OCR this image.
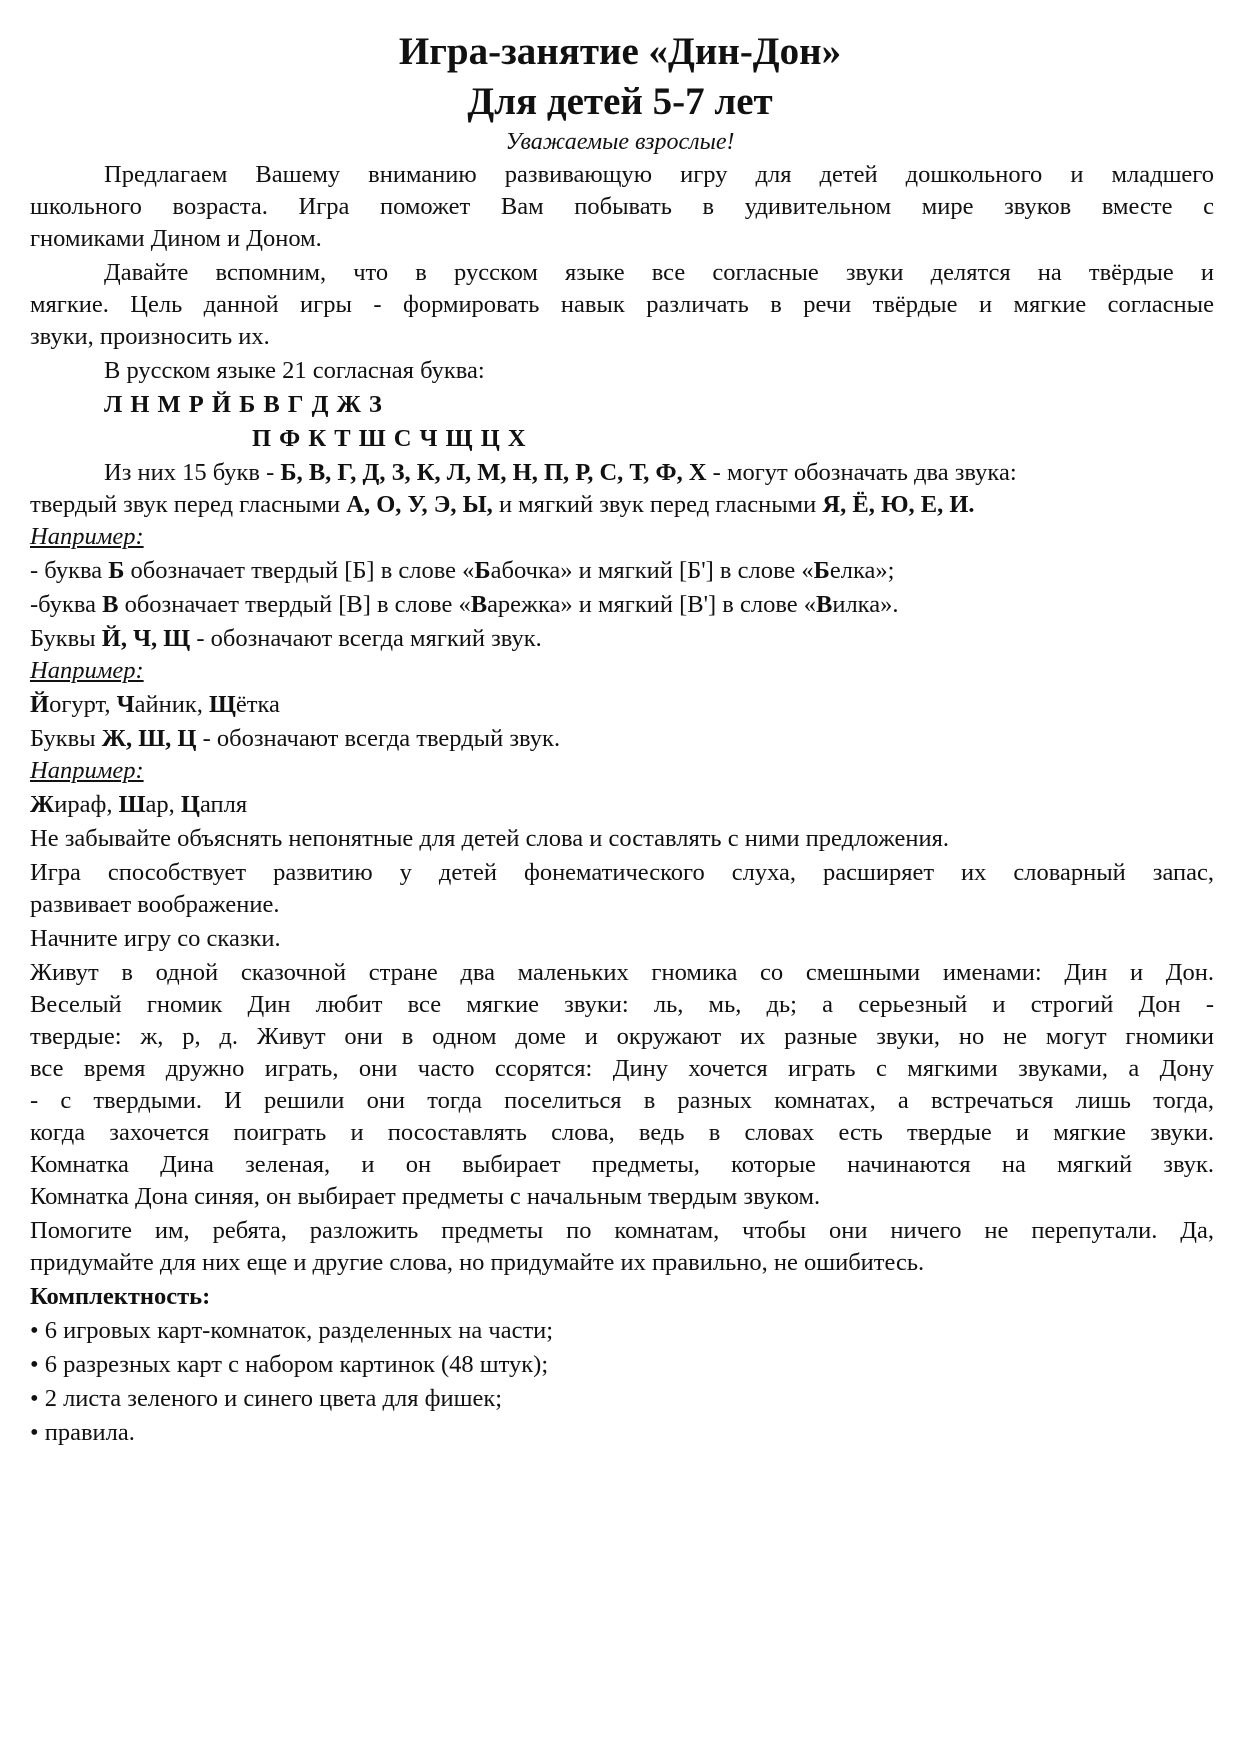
Игра-занятие «Дин-Дон»
Для детей 5-7 лет

Уважаемые взрослые!

Предлагаем Вашему вниманию развивающую игру для детей дошкольного и младшего

школьного возраста. Игра поможет Вам побывать в удивительном мире звуков вместе с

гномиками Дином и Доном.

Давайте вспомним, что в русском языке все согласные звуки делятся на твёрдые и

мягкие. Цель данной игры - формировать навык различать в речи твёрдые и мягкие согласные

звуки, произносить их.

В русском языке 21 согласная буква:

Л Н М Р Й Б В Г Д Ж З

П Ф К Т Ш С Ч Щ Ц Х

Из них 15 букв - Б, В, Г, Д, З, К, Л, М, Н, П, Р, С, Т, Ф, Х - могут обозначать два звука:

твердый звук перед гласными А, О, У, Э, Ы, и мягкий звук перед гласными Я, Ё, Ю, Е, И.

Например:

- буква Б обозначает твердый [Б] в слове «Бабочка» и мягкий [Б'] в слове «Белка»;

-буква В обозначает твердый [В] в слове «Варежка» и мягкий [В'] в слове «Вилка».

Буквы Й, Ч, Щ - обозначают всегда мягкий звук.

Например:

Йогурт, Чайник, Щётка

Буквы Ж, Ш, Ц - обозначают всегда твердый звук.

Например:

Жираф, Шар, Цапля

Не забывайте объяснять непонятные для детей слова и составлять с ними предложения.

Игра способствует развитию у детей фонематического слуха, расширяет их словарный запас,

развивает воображение.

Начните игру со сказки.

Живут в одной сказочной стране два маленьких гномика со смешными именами: Дин и Дон.

Веселый гномик Дин любит все мягкие звуки: ль, мь, дь; а серьезный и строгий Дон -

твердые: ж, р, д. Живут они в одном доме и окружают их разные звуки, но не могут гномики

все время дружно играть, они часто ссорятся: Дину хочется играть с мягкими звуками, а Дону

- с твердыми. И решили они тогда поселиться в разных комнатах, а встречаться лишь тогда,

когда захочется поиграть и посоставлять слова, ведь в словах есть твердые и мягкие звуки.

Комнатка Дина зеленая, и он выбирает предметы, которые начинаются на мягкий звук.

Комнатка Дона синяя, он выбирает предметы с начальным твердым звуком.

Помогите им, ребята, разложить предметы по комнатам, чтобы они ничего не перепутали. Да,

придумайте для них еще и другие слова, но придумайте их правильно, не ошибитесь.

Комплектность:

• 6 игровых карт-комнаток, разделенных на части;

• 6 разрезных карт с набором картинок (48 штук);

• 2 листа зеленого и синего цвета для фишек;

• правила.
